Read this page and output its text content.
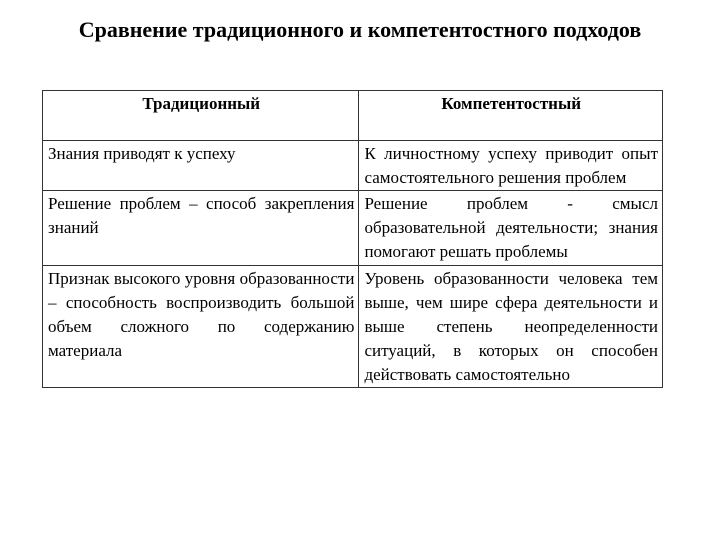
Сравнение традиционного и компетентостного подходов
Традиционный	Компетентостный
Знания приводят к успеху	К личностному успеху приводит опыт самостоятельного решения проблем
Решение проблем – способ закрепления знаний	Решение проблем - смысл образовательной деятельности; знания помогают решать проблемы
Признак высокого уровня образованности – способность воспроизводить большой объем сложного по содержанию материала	Уровень образованности человека тем выше, чем шире сфера деятельности и выше степень неопределенности ситуаций, в которых он способен действовать самостоятельно
